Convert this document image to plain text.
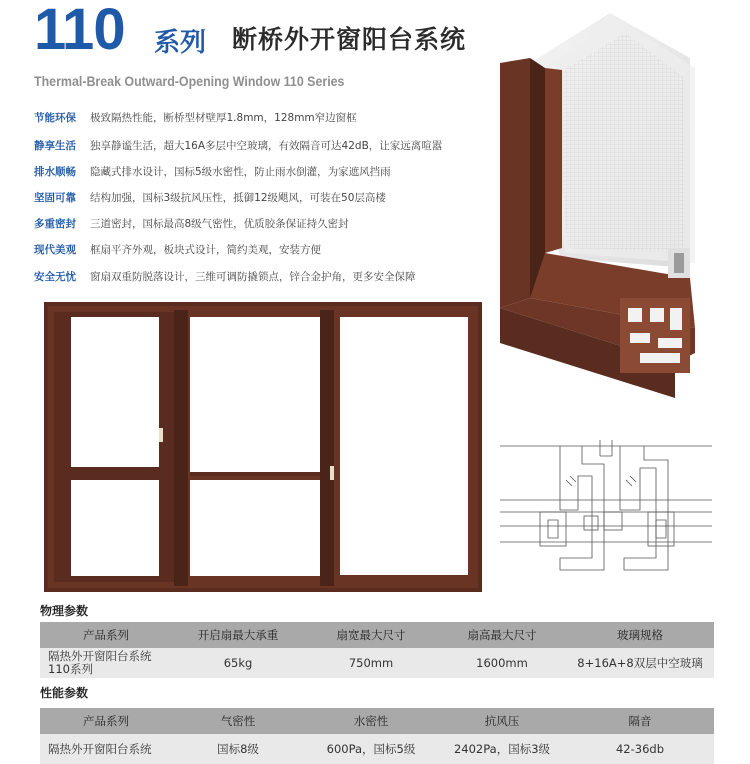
110 系列 断桥外开窗阳台系统
Thermal-Break Outward-Opening Window 110 Series
节能环保	极致隔热性能，断桥型材壁厚1.8mm，128mm窄边窗框
静享生活	独享静谧生活，超大16A多层中空玻璃，有效隔音可达42dB，让家远离喧嚣
排水顺畅	隐藏式排水设计，国标5级水密性，防止雨水倒灌，为家遮风挡雨
坚固可靠	结构加强，国标3级抗风压性，抵御12级飓风，可装在50层高楼
多重密封	三道密封，国标最高8级气密性，优质胶条保证持久密封
现代美观	框扇平齐外观，板块式设计，简约美观，安装方便
安全无忧	窗扇双重防脱落设计，三维可调防撬锁点，锌合金护角，更多安全保障
物理参数
产品系列	开启扇最大承重	扇宽最大尺寸	扇高最大尺寸	玻璃规格
隔热外开窗阳台系统110系列	65kg	750mm	1600mm	8+16A+8双层中空玻璃
性能参数
产品系列	气密性	水密性	抗风压	隔音
隔热外开窗阳台系统	国标8级	600Pa，国标5级	2402Pa，国标3级	42-36db
